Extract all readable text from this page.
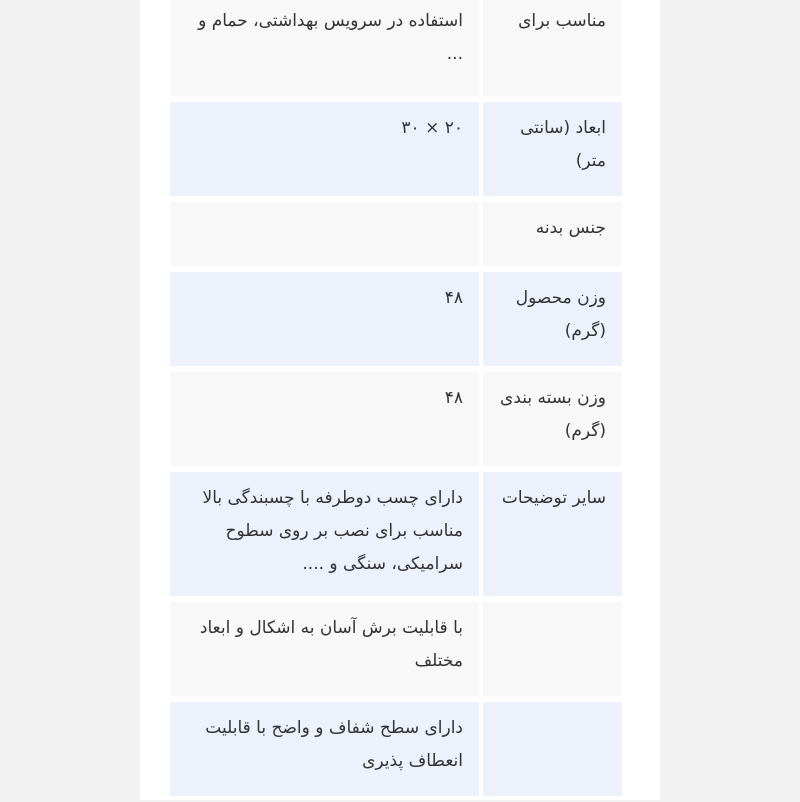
مناسب برای
استفاده در سرویس بهداشتی، حمام و ...
ابعاد (سانتی متر)
۲۰ × ۳۰
جنس بدنه
وزن محصول (گرم)
۴۸
وزن بسته بندی (گرم)
۴۸
سایر توضیحات
دارای چسب دوطرفه با چسبندگی بالا مناسب برای نصب بر روی سطوح سرامیکی، سنگی و ....
با قابلیت برش آسان به اشکال و ابعاد مختلف
دارای سطح شفاف و واضح با قابلیت انعطاف پذیری
